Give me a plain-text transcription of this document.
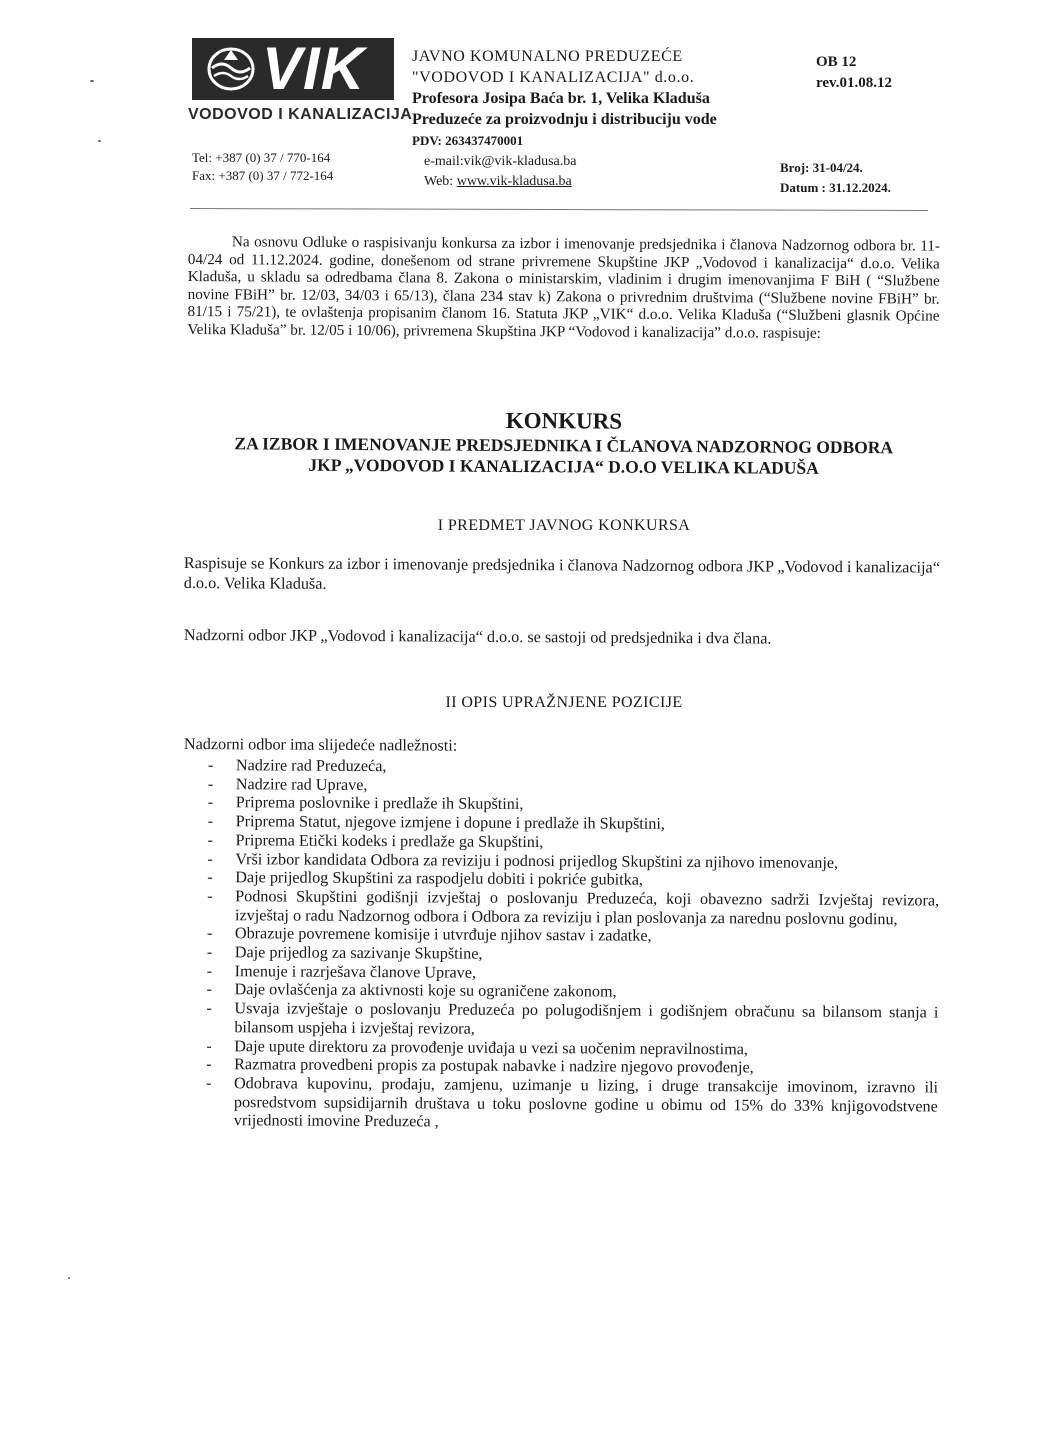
VIK
VODOVOD I KANALIZACIJA
Tel: +387 (0) 37 / 770-164
Fax: +387 (0) 37 / 772-164
JAVNO KOMUNALNO PREDUZEĆE
"VODOVOD I KANALIZACIJA" d.o.o.
Profesora Josipa Baća br. 1, Velika Kladuša
Preduzeće za proizvodnju i distribuciju vode
PDV: 263437470001
e-mail:vik@vik-kladusa.ba
Web: www.vik-kladusa.ba
OB 12
rev.01.08.12
Broj: 31-04/24.
Datum : 31.12.2024.
Na osnovu Odluke o raspisivanju konkursa za izbor i imenovanje predsjednika i članova Nadzornog odbora br. 11-04/24 od 11.12.2024. godine, donešenom od strane privremene Skupštine JKP „Vodovod i kanalizacija“ d.o.o. Velika Kladuša, u skladu sa odredbama člana 8. Zakona o ministarskim, vladinim i drugim imenovanjima F BiH ( “Službene novine FBiH” br. 12/03, 34/03 i 65/13), člana 234 stav k) Zakona o privrednim društvima (“Službene novine FBiH” br. 81/15 i 75/21), te ovlaštenja propisanim članom 16. Statuta JKP „VIK“ d.o.o. Velika Kladuša (“Službeni glasnik Općine Velika Kladuša” br. 12/05 i 10/06), privremena Skupština JKP “Vodovod i kanalizacija” d.o.o. raspisuje:
KONKURS
ZA IZBOR I IMENOVANJE PREDSJEDNIKA I ČLANOVA NADZORNOG ODBORA
JKP „VODOVOD I KANALIZACIJA“ D.O.O VELIKA KLADUŠA
I PREDMET JAVNOG KONKURSA
Raspisuje se Konkurs za izbor i imenovanje predsjednika i članova Nadzornog odbora JKP „Vodovod i kanalizacija“ d.o.o. Velika Kladuša.
Nadzorni odbor JKP „Vodovod i kanalizacija“ d.o.o. se sastoji od predsjednika i dva člana.
II OPIS UPRAŽNJENE POZICIJE
Nadzorni odbor ima slijedeće nadležnosti:
- Nadzire rad Preduzeća,
- Nadzire rad Uprave,
- Priprema poslovnike i predlaže ih Skupštini,
- Priprema Statut, njegove izmjene i dopune i predlaže ih Skupštini,
- Priprema Etički kodeks i predlaže ga Skupštini,
- Vrši izbor kandidata Odbora za reviziju i podnosi prijedlog Skupštini za njihovo imenovanje,
- Daje prijedlog Skupštini za raspodjelu dobiti i pokriće gubitka,
- Podnosi Skupštini godišnji izvještaj o poslovanju Preduzeća, koji obavezno sadrži Izvještaj revizora, izvještaj o radu Nadzornog odbora i Odbora za reviziju i plan poslovanja za narednu poslovnu godinu,
- Obrazuje povremene komisije i utvrđuje njihov sastav i zadatke,
- Daje prijedlog za sazivanje Skupštine,
- Imenuje i razrješava članove Uprave,
- Daje ovlašćenja za aktivnosti koje su ograničene zakonom,
- Usvaja izvještaje o poslovanju Preduzeća po polugodišnjem i godišnjem obračunu sa bilansom stanja i bilansom uspjeha i izvještaj revizora,
- Daje upute direktoru za provođenje uviđaja u vezi sa uočenim nepravilnostima,
- Razmatra provedbeni propis za postupak nabavke i nadzire njegovo provođenje,
- Odobrava kupovinu, prodaju, zamjenu, uzimanje u lizing, i druge transakcije imovinom, izravno ili posredstvom supsidijarnih društava u toku poslovne godine u obimu od 15% do 33% knjigovodstvene vrijednosti imovine Preduzeća ,
